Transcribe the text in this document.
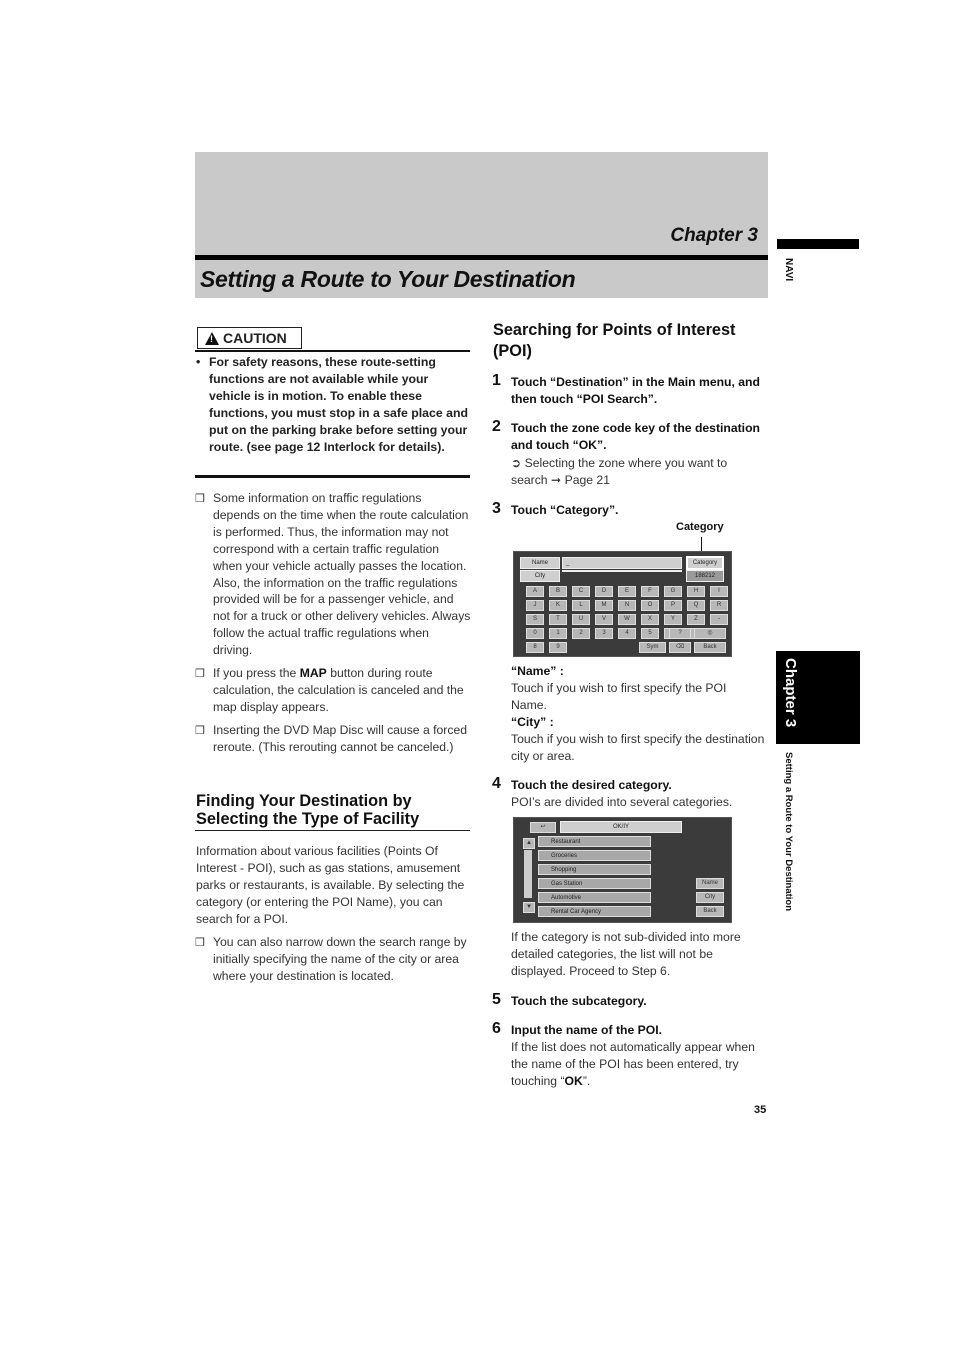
Chapter 3
Setting a Route to Your Destination	NAVI
Chapter 3
Setting a Route to Your Destination
! CAUTION
• For safety reasons, these route-setting functions are not available while your vehicle is in motion. To enable these functions, you must stop in a safe place and put on the parking brake before setting your route. (see page 12 Interlock for details).
❒ Some information on traffic regulations depends on the time when the route calculation is performed. Thus, the information may not correspond with a certain traffic regulation when your vehicle actually passes the location. Also, the information on the traffic regulations provided will be for a passenger vehicle, and not for a truck or other delivery vehicles. Always follow the actual traffic regulations when driving.
❒ If you press the MAP button during route calculation, the calculation is canceled and the map display appears.
❒ Inserting the DVD Map Disc will cause a forced reroute. (This rerouting cannot be canceled.)
Finding Your Destination by Selecting the Type of Facility
Information about various facilities (Points Of Interest - POI), such as gas stations, amusement parks or restaurants, is available. By selecting the category (or entering the POI Name), you can search for a POI.
❒ You can also narrow down the search range by initially specifying the name of the city or area where your destination is located.
Searching for Points of Interest (POI)
1 Touch “Destination” in the Main menu, and then touch “POI Search”.
2 Touch the zone code key of the destination and touch “OK”.
➲ Selecting the zone where you want to search ➞ Page 21
3 Touch “Category”.
Category
Name	_	Category
City	188212
A	B	C	D	E	F	G	H	I
J	K	L	M	N	O	P	Q	R
S	T	U	V	W	X	Y	Z	-
0	1	2	3	4	5
8	9	Sym	⌫	Back
?	◎
“Name” :
Touch if you wish to first specify the POI Name.
“City” :
Touch if you wish to first specify the destination city or area.
4 Touch the desired category.
POI’s are divided into several categories.
↩	OK/IY
▲
▼
Restaurant
Groceries
Shopping
Gas Station
Automotive
Rental Car Agency
Name
City
Back
If the category is not sub-divided into more detailed categories, the list will not be displayed. Proceed to Step 6.
5 Touch the subcategory.
6 Input the name of the POI.
If the list does not automatically appear when the name of the POI has been entered, try touching “OK”.
35
